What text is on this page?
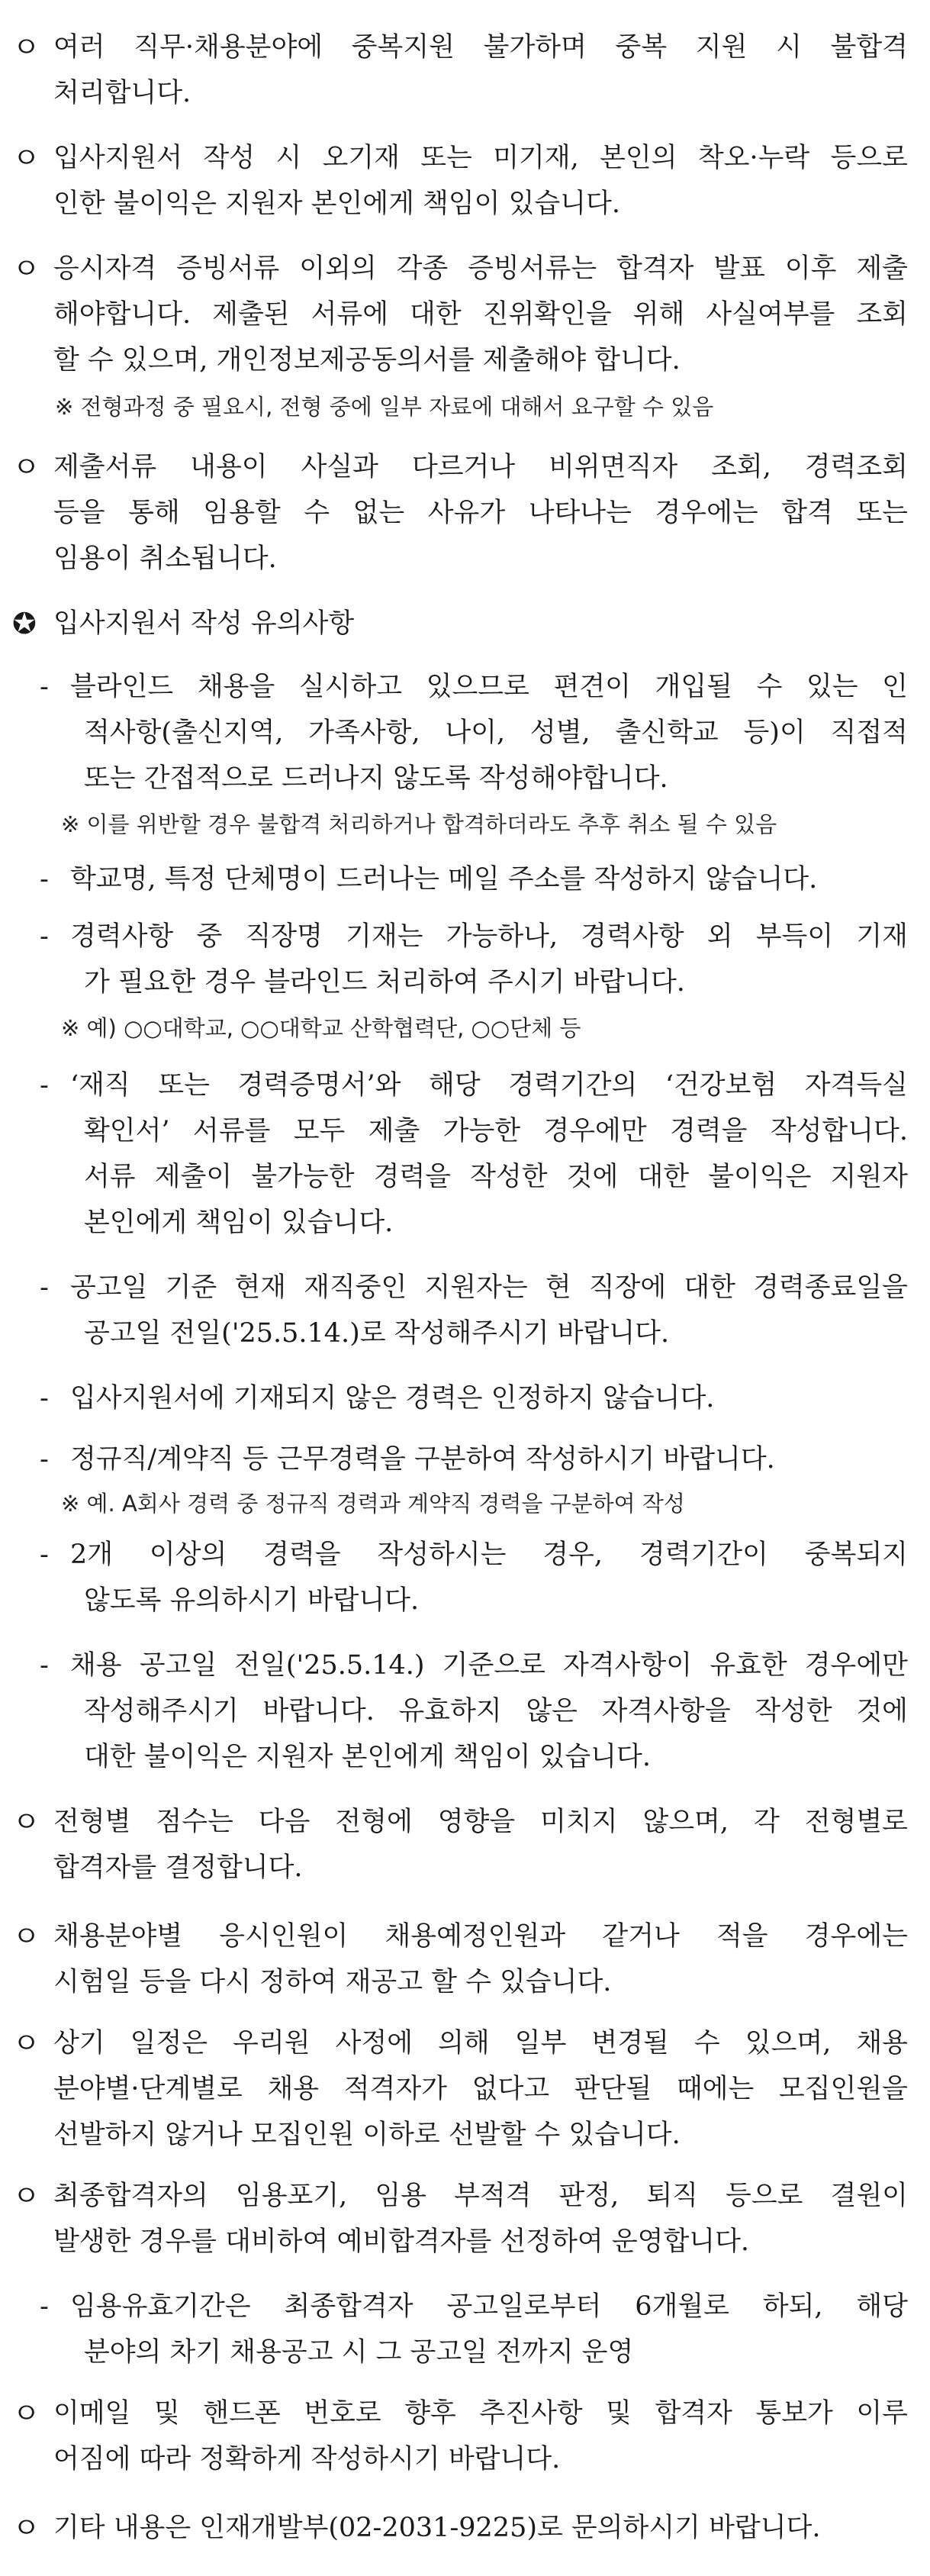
ㅇ 여러 직무·채용분야에 중복지원 불가하며 중복 지원 시 불합격
처리합니다.
ㅇ 입사지원서 작성 시 오기재 또는 미기재, 본인의 착오·누락 등으로
인한 불이익은 지원자 본인에게 책임이 있습니다.
ㅇ 응시자격 증빙서류 이외의 각종 증빙서류는 합격자 발표 이후 제출
해야합니다. 제출된 서류에 대한 진위확인을 위해 사실여부를 조회
할 수 있으며, 개인정보제공동의서를 제출해야 합니다.
※ 전형과정 중 필요시, 전형 중에 일부 자료에 대해서 요구할 수 있음
ㅇ 제출서류 내용이 사실과 다르거나 비위면직자 조회, 경력조회
등을 통해 임용할 수 없는 사유가 나타나는 경우에는 합격 또는
임용이 취소됩니다.
✪ 입사지원서 작성 유의사항
- 블라인드 채용을 실시하고 있으므로 편견이 개입될 수 있는 인
적사항(출신지역, 가족사항, 나이, 성별, 출신학교 등)이 직접적
또는 간접적으로 드러나지 않도록 작성해야합니다.
※ 이를 위반할 경우 불합격 처리하거나 합격하더라도 추후 취소 될 수 있음
- 학교명, 특정 단체명이 드러나는 메일 주소를 작성하지 않습니다.
- 경력사항 중 직장명 기재는 가능하나, 경력사항 외 부득이 기재
가 필요한 경우 블라인드 처리하여 주시기 바랍니다.
※ 예) ○○대학교, ○○대학교 산학협력단, ○○단체 등
- ‘재직 또는 경력증명서’와 해당 경력기간의 ‘건강보험 자격득실
확인서’ 서류를 모두 제출 가능한 경우에만 경력을 작성합니다.
서류 제출이 불가능한 경력을 작성한 것에 대한 불이익은 지원자
본인에게 책임이 있습니다.
- 공고일 기준 현재 재직중인 지원자는 현 직장에 대한 경력종료일을
공고일 전일('25.5.14.)로 작성해주시기 바랍니다.
- 입사지원서에 기재되지 않은 경력은 인정하지 않습니다.
- 정규직/계약직 등 근무경력을 구분하여 작성하시기 바랍니다.
※ 예. A회사 경력 중 정규직 경력과 계약직 경력을 구분하여 작성
- 2개 이상의 경력을 작성하시는 경우, 경력기간이 중복되지
않도록 유의하시기 바랍니다.
- 채용 공고일 전일('25.5.14.) 기준으로 자격사항이 유효한 경우에만
작성해주시기 바랍니다. 유효하지 않은 자격사항을 작성한 것에
대한 불이익은 지원자 본인에게 책임이 있습니다.
ㅇ 전형별 점수는 다음 전형에 영향을 미치지 않으며, 각 전형별로
합격자를 결정합니다.
ㅇ 채용분야별 응시인원이 채용예정인원과 같거나 적을 경우에는
시험일 등을 다시 정하여 재공고 할 수 있습니다.
ㅇ 상기 일정은 우리원 사정에 의해 일부 변경될 수 있으며, 채용
분야별·단계별로 채용 적격자가 없다고 판단될 때에는 모집인원을
선발하지 않거나 모집인원 이하로 선발할 수 있습니다.
ㅇ 최종합격자의 임용포기, 임용 부적격 판정, 퇴직 등으로 결원이
발생한 경우를 대비하여 예비합격자를 선정하여 운영합니다.
- 임용유효기간은 최종합격자 공고일로부터 6개월로 하되, 해당
분야의 차기 채용공고 시 그 공고일 전까지 운영
ㅇ 이메일 및 핸드폰 번호로 향후 추진사항 및 합격자 통보가 이루
어짐에 따라 정확하게 작성하시기 바랍니다.
ㅇ 기타 내용은 인재개발부(02-2031-9225)로 문의하시기 바랍니다.
